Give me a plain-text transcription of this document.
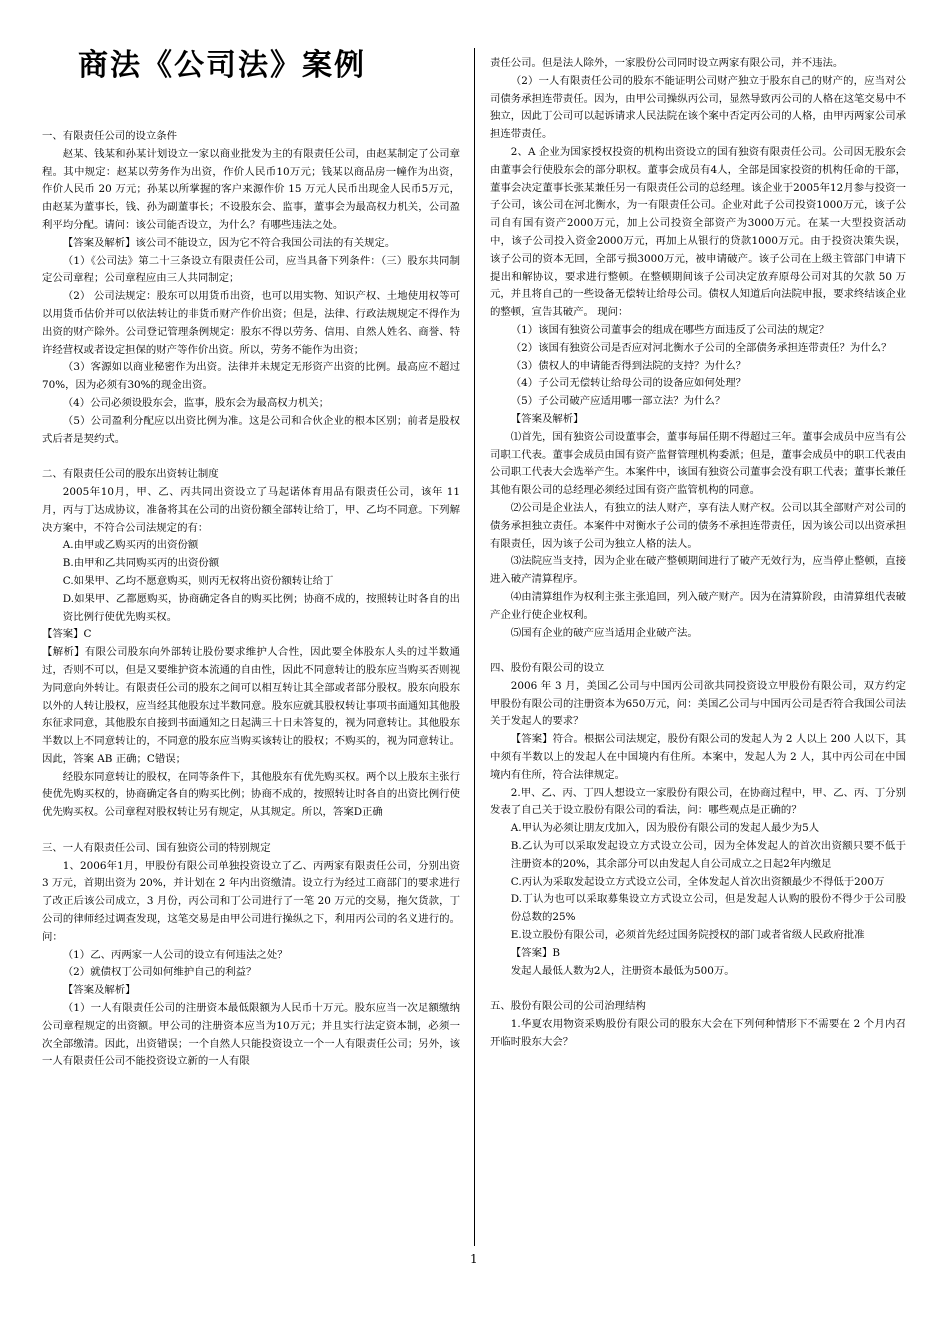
商法《公司法》案例

一、有限责任公司的设立条件

赵某、钱某和孙某计划设立一家以商业批发为主的有限责任公司，由赵某制定了公司章程。其中规定：赵某以劳务作为出资，作价人民币10万元；钱某以商品房一幢作为出资，作价人民币 20 万元；孙某以所掌握的客户来源作价 15 万元人民币出现金人民币5万元，由赵某为董事长，钱、孙为副董事长；不设股东会、监事，董事会为最高权力机关，公司盈利平均分配。请问：该公司能否设立，为什么？有哪些违法之处。

【答案及解析】该公司不能设立，因为它不符合我国公司法的有关规定。

（1）《公司法》第二十三条设立有限责任公司，应当具备下列条件：（三）股东共同制定公司章程；公司章程应由三人共同制定；

（2） 公司法规定：股东可以用货币出资，也可以用实物、知识产权、土地使用权等可以用货币估价并可以依法转让的非货币财产作价出资；但是，法律、行政法规规定不得作为出资的财产除外。公司登记管理条例规定：股东不得以劳务、信用、自然人姓名、商誉、特许经营权或者设定担保的财产等作价出资。所以，劳务不能作为出资；

（3）客源如以商业秘密作为出资。法律并未规定无形资产出资的比例。最高应不超过70%，因为必须有30%的现金出资。

（4）公司必须设股东会，监事，股东会为最高权力机关；

（5）公司盈利分配应以出资比例为准。这是公司和合伙企业的根本区别；前者是股权式后者是契约式。

二、有限责任公司的股东出资转让制度

2005年10月，甲、乙、丙共同出资设立了马起诺体育用品有限责任公司，该年 11 月，丙与丁达成协议，准备将其在公司的出资份额全部转让给丁，甲、乙均不同意。下列解决方案中，不符合公司法规定的有：

A.由甲或乙购买丙的出资份额

B.由甲和乙共同购买丙的出资份额

C.如果甲、乙均不愿意购买，则丙无权将出资份额转让给丁

D.如果甲、乙都愿购买，协商确定各自的购买比例；协商不成的，按照转让时各自的出资比例行使优先购买权。

【答案】C

【解析】有限公司股东向外部转让股份要求维护人合性，因此要全体股东人头的过半数通过，否则不可以，但是又要维护资本流通的自由性，因此不同意转让的股东应当购买否则视为同意向外转让。有限责任公司的股东之间可以相互转让其全部或者部分股权。股东向股东以外的人转让股权，应当经其他股东过半数同意。股东应就其股权转让事项书面通知其他股东征求同意，其他股东自接到书面通知之日起满三十日未答复的，视为同意转让。其他股东半数以上不同意转让的，不同意的股东应当购买该转让的股权；不购买的，视为同意转让。因此，答案 AB 正确；C错误；

经股东同意转让的股权，在同等条件下，其他股东有优先购买权。两个以上股东主张行使优先购买权的，协商确定各自的购买比例；协商不成的，按照转让时各自的出资比例行使优先购买权。公司章程对股权转让另有规定，从其规定。所以，答案D正确

三、一人有限责任公司、国有独资公司的特别规定

1、2006年1月，甲股份有限公司单独投资设立了乙、丙两家有限责任公司，分别出资 3 万元，首期出资为 20%，并计划在 2 年内出资缴清。设立行为经过工商部门的要求进行了改正后该公司成立，3 月份，丙公司和丁公司进行了一笔 20 万元的交易，拖欠货款，丁公司的律师经过调查发现，这笔交易是由甲公司进行操纵之下，利用丙公司的名义进行的。问：

（1）乙、丙两家一人公司的设立有何违法之处？

（2）就债权丁公司如何维护自己的利益？

【答案及解析】

（1）一人有限责任公司的注册资本最低限额为人民币十万元。股东应当一次足额缴纳公司章程规定的出资额。甲公司的注册资本应当为10万元；并且实行法定资本制，必须一次全部缴清。因此，出资错误；一个自然人只能投资设立一个一人有限责任公司；另外，该一人有限责任公司不能投资设立新的一人有限

责任公司。但是法人除外，一家股份公司同时设立两家有限公司，并不违法。

（2）一人有限责任公司的股东不能证明公司财产独立于股东自己的财产的，应当对公司债务承担连带责任。因为，由甲公司操纵丙公司，显然导致丙公司的人格在这笔交易中不独立，因此丁公司可以起诉请求人民法院在该个案中否定丙公司的人格，由甲丙两家公司承担连带责任。

2、A 企业为国家授权投资的机构出资设立的国有独资有限责任公司。公司因无股东会由董事会行使股东会的部分职权。董事会成员有4人，全部是国家投资的机构任命的干部，董事会决定董事长张某兼任另一有限责任公司的总经理。该企业于2005年12月参与投资一子公司，该公司在河北衡水，为一有限责任公司。企业对此子公司投资1000万元，该子公司自有国有资产2000万元，加上公司投资全部资产为3000万元。在某一大型投资活动中，该子公司投入资金2000万元，再加上从银行的贷款1000万元。由于投资决策失误，该子公司的资本无回，全部亏损3000万元，被申请破产。该子公司在上级主管部门申请下提出和解协议，要求进行整顿。在整顿期间该子公司决定放弃原母公司对其的欠款 50 万元，并且将自己的一些设备无偿转让给母公司。债权人知道后向法院申报，要求终结该企业的整顿，宣告其破产。 现问：

（1）该国有独资公司董事会的组成在哪些方面违反了公司法的规定？

（2）该国有独资公司是否应对河北衡水子公司的全部债务承担连带责任？为什么？

（3）债权人的申请能否得到法院的支持？为什么？

（4）子公司无偿转让给母公司的设备应如何处理？

（5）子公司破产应适用哪一部立法？为什么？

【答案及解析】

⑴首先，国有独资公司设董事会，董事每届任期不得超过三年。董事会成员中应当有公司职工代表。董事会成员由国有资产监督管理机构委派；但是，董事会成员中的职工代表由公司职工代表大会选举产生。本案件中，该国有独资公司董事会没有职工代表；董事长兼任其他有限公司的总经理必须经过国有资产监管机构的同意。

⑵公司是企业法人，有独立的法人财产，享有法人财产权。公司以其全部财产对公司的债务承担独立责任。本案件中对衡水子公司的债务不承担连带责任，因为该公司以出资承担有限责任，因为该子公司为独立人格的法人。

⑶法院应当支持，因为企业在破产整顿期间进行了破产无效行为，应当停止整顿，直接进入破产清算程序。

⑷由清算组作为权利主张主张追回，列入破产财产。因为在清算阶段，由清算组代表破产企业行使企业权利。

⑸国有企业的破产应当适用企业破产法。

四、股份有限公司的设立

2006 年 3 月，美国乙公司与中国丙公司欲共同投资设立甲股份有限公司，双方约定甲股份有限公司的注册资本为650万元，问：美国乙公司与中国丙公司是否符合我国公司法关于发起人的要求？

【答案】符合。根据公司法规定，股份有限公司的发起人为 2 人以上 200 人以下，其中须有半数以上的发起人在中国境内有住所。本案中，发起人为 2 人，其中丙公司在中国境内有住所，符合法律规定。

2.甲、乙、丙、丁四人想设立一家股份有限公司，在协商过程中，甲、乙、丙、丁分别发表了自己关于设立股份有限公司的看法，问：哪些观点是正确的？

A.甲认为必须让朋友戊加入，因为股份有限公司的发起人最少为5人

B.乙认为可以采取发起设立方式设立公司，因为全体发起人的首次出资额只要不低于注册资本的20%，其余部分可以由发起人自公司成立之日起2年内缴足

C.丙认为采取发起设立方式设立公司，全体发起人首次出资额最少不得低于200万

D.丁认为也可以采取募集设立方式设立公司，但是发起人认购的股份不得少于公司股份总数的25%

E.设立股份有限公司，必须首先经过国务院授权的部门或者省级人民政府批准

【答案】B

发起人最低人数为2人，注册资本最低为500万。

五、股份有限公司的公司治理结构

1.华夏农用物资采购股份有限公司的股东大会在下列何种情形下不需要在 2 个月内召开临时股东大会？

1
